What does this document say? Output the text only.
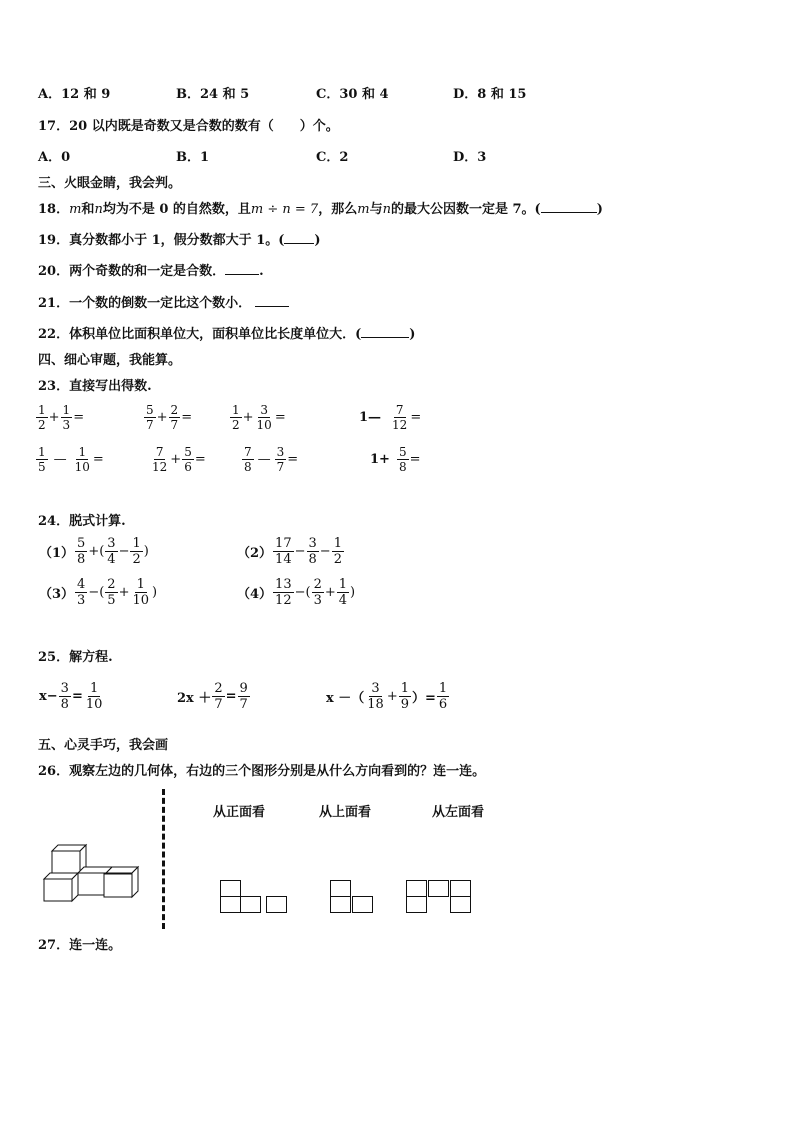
A．12 和 9	B．24 和 5	C．30 和 4	D．8 和 15
17．20 以内既是奇数又是合数的数有（　　）个。
A．0	B．1	C．2	D．3
三、火眼金睛，我会判。
18．m和n均为不是 0 的自然数，且m ÷ n = 7，那么m与n的最大公因数一定是 7。(	)
19．真分数都小于 1，假分数都大于 1。( )
20．两个奇数的和一定是合数．	.
21．一个数的倒数一定比这个数小．
22．体积单位比面积单位大，面积单位比长度单位大．(	)
四、细心审题，我能算。
23．直接写出得数.
$\frac{1}{2} + \frac{1}{3}$ =	$\frac{5}{7} + \frac{2}{7}$ =	$\frac{1}{2} + \frac{3}{10}$ =	1— $\frac{7}{12}$ =
$\frac{1}{5}$ — $\frac{1}{10}$ =	$\frac{7}{12} + \frac{5}{6}$ =	$\frac{7}{8}$ — $\frac{3}{7}$ =	$1+ \frac{5}{8}$ =
24．脱式计算.
$(1) \frac{5}{8}$ +( $\frac{3}{4} - \frac{1}{2}$ )	$(2) \frac{17}{14} - \frac{3}{8} - \frac{1}{2}$
$(3) \frac{4}{3}$ −( $\frac{2}{5} + \frac{1}{10}$ )	$(4) \frac{13}{12}$ −( $\frac{2}{3} + \frac{1}{4}$ )
25．解方程.
$x- \frac{3}{8} = \frac{1}{10}$	$2x + \frac{2}{7} = \frac{9}{7}$	x －（ $\frac{3}{18} + \frac{1}{9}$ ）= $\frac{1}{6}$
五、心灵手巧，我会画
26．观察左边的几何体，右边的三个图形分别是从什么方向看到的？连一连。
从正面看	从上面看	从左面看
27．连一连。
